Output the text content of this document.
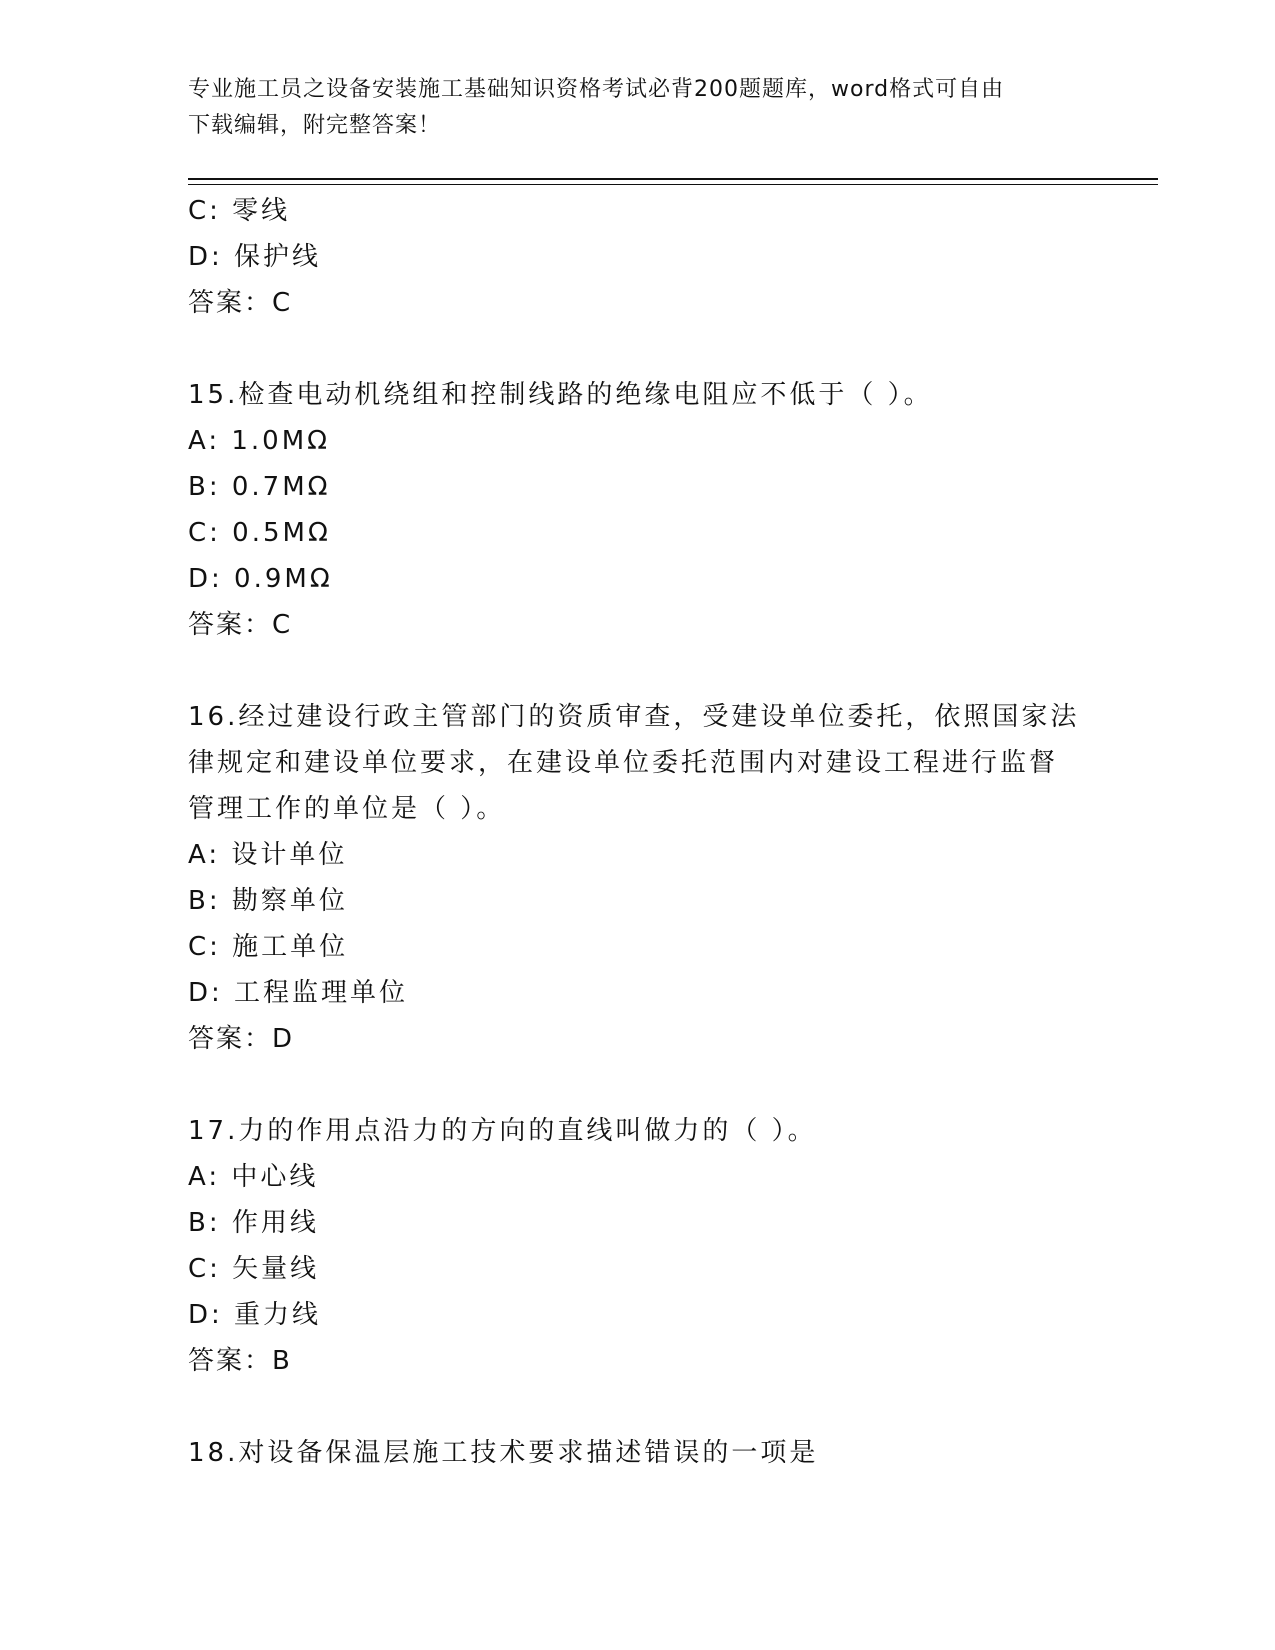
专业施工员之设备安装施工基础知识资格考试必背200题题库，word格式可自由
下载编辑，附完整答案！
C: 零线
D: 保护线
答案：C
15.检查电动机绕组和控制线路的绝缘电阻应不低于（ ）。
A: 1.0MΩ
B: 0.7MΩ
C: 0.5MΩ
D: 0.9MΩ
答案：C
16.经过建设行政主管部门的资质审查，受建设单位委托，依照国家法
律规定和建设单位要求，在建设单位委托范围内对建设工程进行监督
管理工作的单位是（ ）。
A: 设计单位
B: 勘察单位
C: 施工单位
D: 工程监理单位
答案：D
17.力的作用点沿力的方向的直线叫做力的（ ）。
A: 中心线
B: 作用线
C: 矢量线
D: 重力线
答案：B
18.对设备保温层施工技术要求描述错误的一项是
